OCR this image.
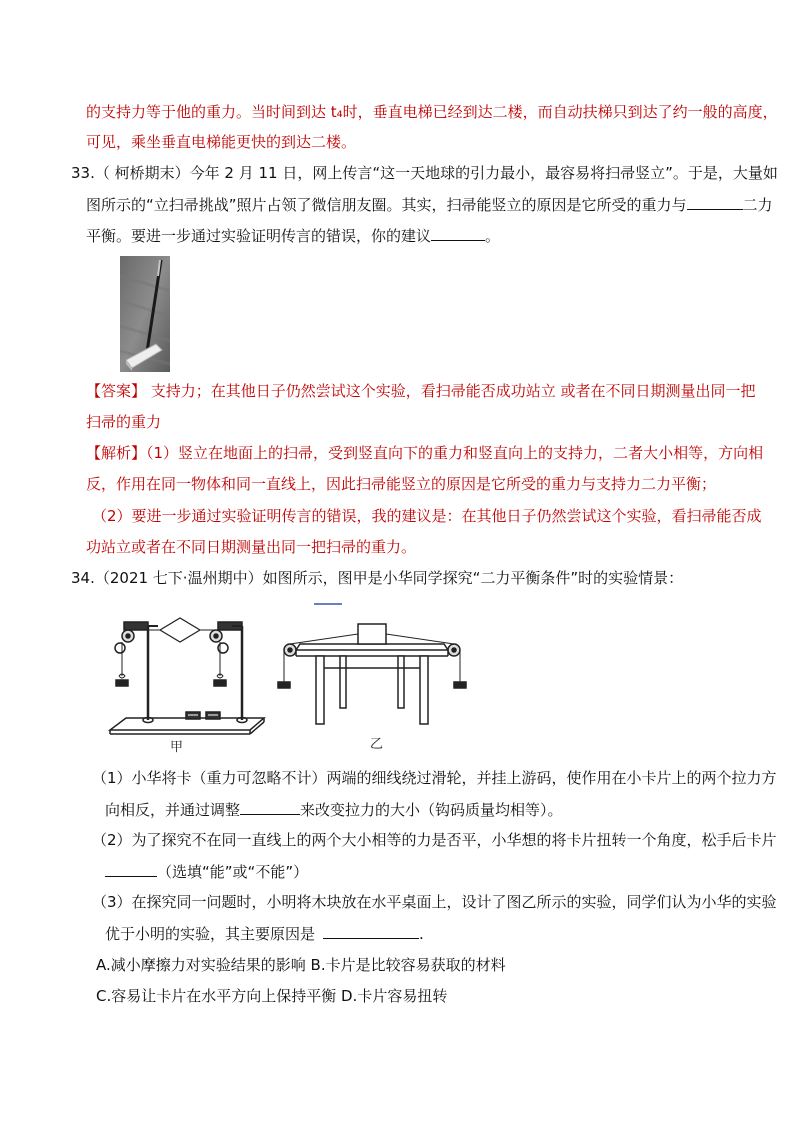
的支持力等于他的重力。当时间到达 t₄时，垂直电梯已经到达二楼，而自动扶梯只到达了约一般的高度，
可见，乘坐垂直电梯能更快的到达二楼。
33.（ 柯桥期末）今年 2 月 11 日，网上传言“这一天地球的引力最小，最容易将扫帚竖立”。于是，大量如
图所示的“立扫帚挑战”照片占领了微信朋友圈。其实，扫帚能竖立的原因是它所受的重力与	二力
平衡。要进一步通过实验证明传言的错误，你的建议	。
【答案】 支持力；在其他日子仍然尝试这个实验，看扫帚能否成功站立 或者在不同日期测量出同一把
扫帚的重力
【解析】（1）竖立在地面上的扫帚，受到竖直向下的重力和竖直向上的支持力，二者大小相等，方向相
反，作用在同一物体和同一直线上，因此扫帚能竖立的原因是它所受的重力与支持力二力平衡；
（2）要进一步通过实验证明传言的错误，我的建议是：在其他日子仍然尝试这个实验，看扫帚能否成
功站立或者在不同日期测量出同一把扫帚的重力。
34.（2021 七下·温州期中）如图所示，图甲是小华同学探究“二力平衡条件”时的实验情景：
甲	乙
（1）小华将卡（重力可忽略不计）两端的细线绕过滑轮，并挂上游码，使作用在小卡片上的两个拉力方
向相反，并通过调整	来改变拉力的大小（钩码质量均相等）。
（2）为了探究不在同一直线上的两个大小相等的力是否平，小华想的将卡片扭转一个角度，松手后卡片
（选填“能”或“不能”）
（3）在探究同一问题时，小明将木块放在水平桌面上，设计了图乙所示的实验，同学们认为小华的实验
优于小明的实验，其主要原因是	.
A.减小摩擦力对实验结果的影响 B.卡片是比较容易获取的材料
C.容易让卡片在水平方向上保持平衡 D.卡片容易扭转
